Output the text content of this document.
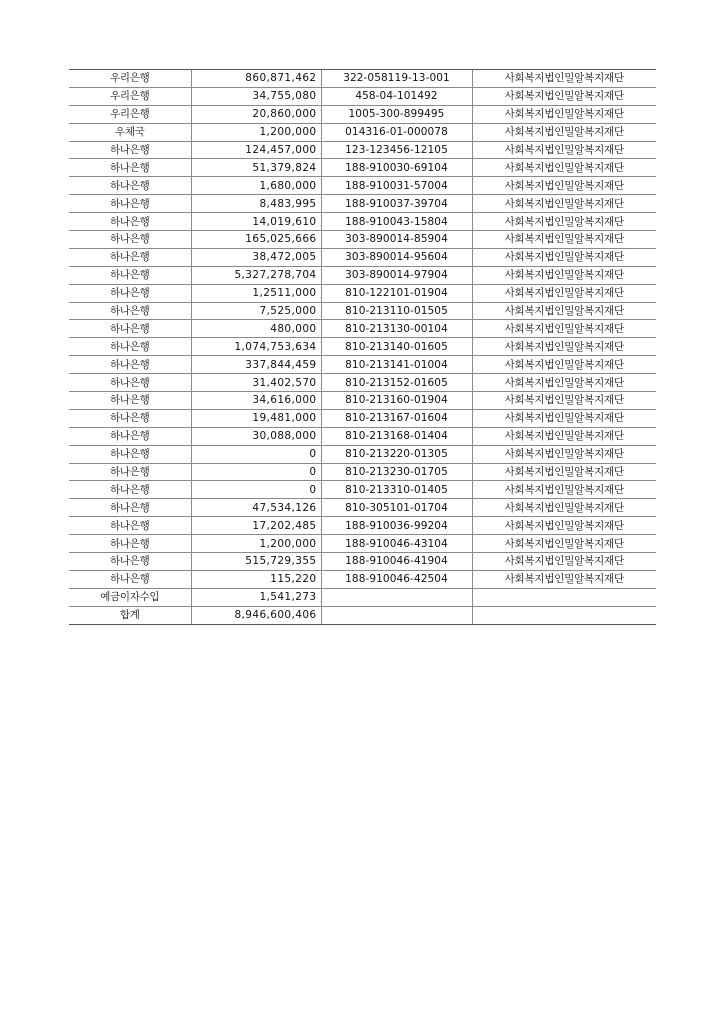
우리은행	860,871,462	322-058119-13-001	사회복지법인밀알복지재단
우리은행	34,755,080	458-04-101492	사회복지법인밀알복지재단
우리은행	20,860,000	1005-300-899495	사회복지법인밀알복지재단
우체국	1,200,000	014316-01-000078	사회복지법인밀알복지재단
하나은행	124,457,000	123-123456-12105	사회복지법인밀알복지재단
하나은행	51,379,824	188-910030-69104	사회복지법인밀알복지재단
하나은행	1,680,000	188-910031-57004	사회복지법인밀알복지재단
하나은행	8,483,995	188-910037-39704	사회복지법인밀알복지재단
하나은행	14,019,610	188-910043-15804	사회복지법인밀알복지재단
하나은행	165,025,666	303-890014-85904	사회복지법인밀알복지재단
하나은행	38,472,005	303-890014-95604	사회복지법인밀알복지재단
하나은행	5,327,278,704	303-890014-97904	사회복지법인밀알복지재단
하나은행	1,2511,000	810-122101-01904	사회복지법인밀알복지재단
하나은행	7,525,000	810-213110-01505	사회복지법인밀알복지재단
하나은행	480,000	810-213130-00104	사회복지법인밀알복지재단
하나은행	1,074,753,634	810-213140-01605	사회복지법인밀알복지재단
하나은행	337,844,459	810-213141-01004	사회복지법인밀알복지재단
하나은행	31,402,570	810-213152-01605	사회복지법인밀알복지재단
하나은행	34,616,000	810-213160-01904	사회복지법인밀알복지재단
하나은행	19,481,000	810-213167-01604	사회복지법인밀알복지재단
하나은행	30,088,000	810-213168-01404	사회복지법인밀알복지재단
하나은행	0	810-213220-01305	사회복지법인밀알복지재단
하나은행	0	810-213230-01705	사회복지법인밀알복지재단
하나은행	0	810-213310-01405	사회복지법인밀알복지재단
하나은행	47,534,126	810-305101-01704	사회복지법인밀알복지재단
하나은행	17,202,485	188-910036-99204	사회복지법인밀알복지재단
하나은행	1,200,000	188-910046-43104	사회복지법인밀알복지재단
하나은행	515,729,355	188-910046-41904	사회복지법인밀알복지재단
하나은행	115,220	188-910046-42504	사회복지법인밀알복지재단
예금이자수입	1,541,273		
합계	8,946,600,406		
